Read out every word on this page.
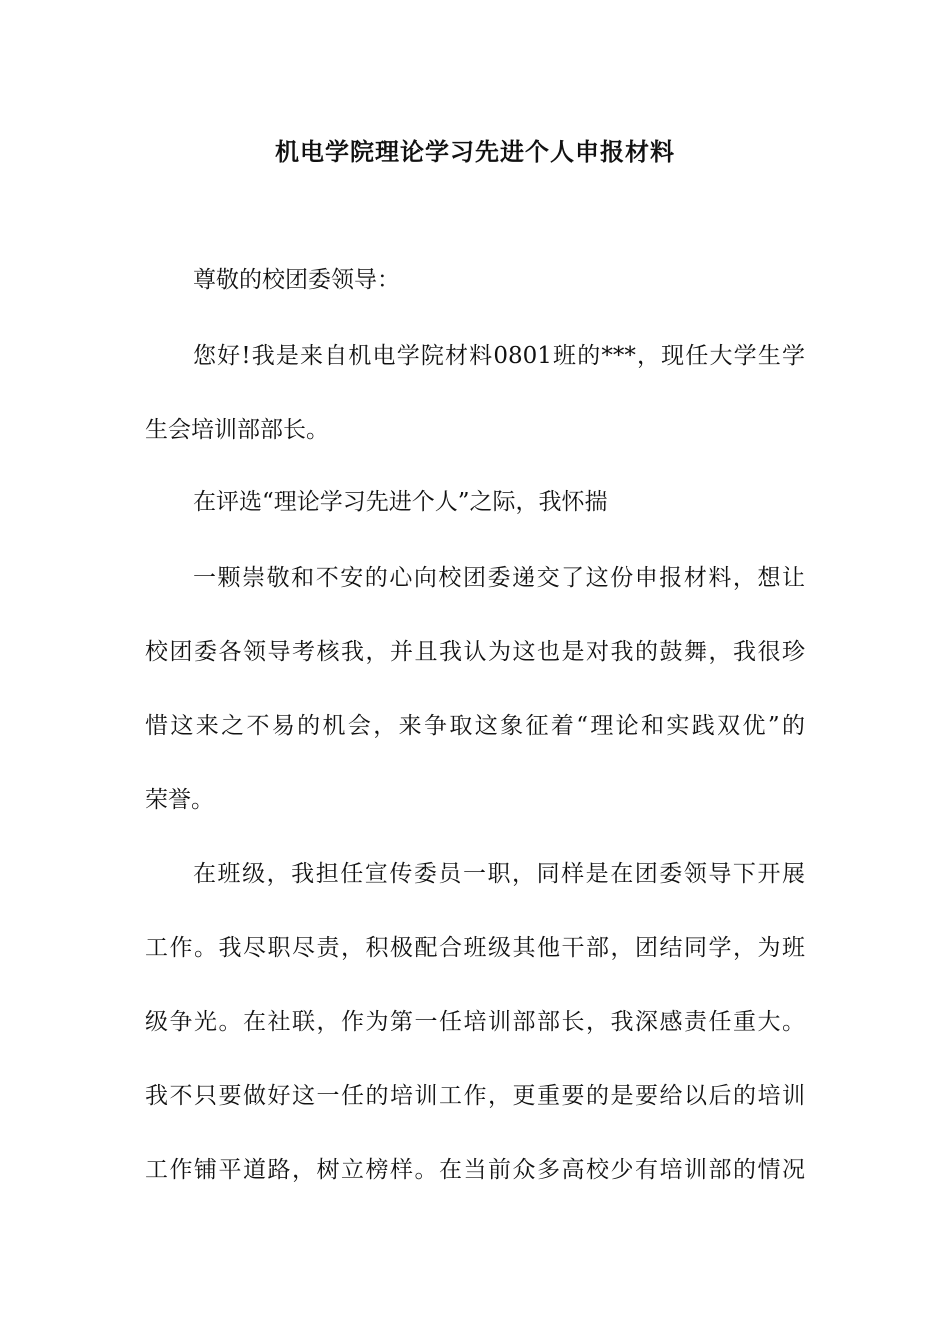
机电学院理论学习先进个人申报材料
尊敬的校团委领导：
您好!我是来自机电学院材料0801班的***，现任大学生学
生会培训部部长。
在评选“理论学习先进个人”之际，我怀揣
一颗崇敬和不安的心向校团委递交了这份申报材料，想让
校团委各领导考核我，并且我认为这也是对我的鼓舞，我很珍
惜这来之不易的机会，来争取这象征着“理论和实践双优”的
荣誉。
在班级，我担任宣传委员一职，同样是在团委领导下开展
工作。我尽职尽责，积极配合班级其他干部，团结同学，为班
级争光。在社联，作为第一任培训部部长，我深感责任重大。
我不只要做好这一任的培训工作，更重要的是要给以后的培训
工作铺平道路，树立榜样。在当前众多高校少有培训部的情况
